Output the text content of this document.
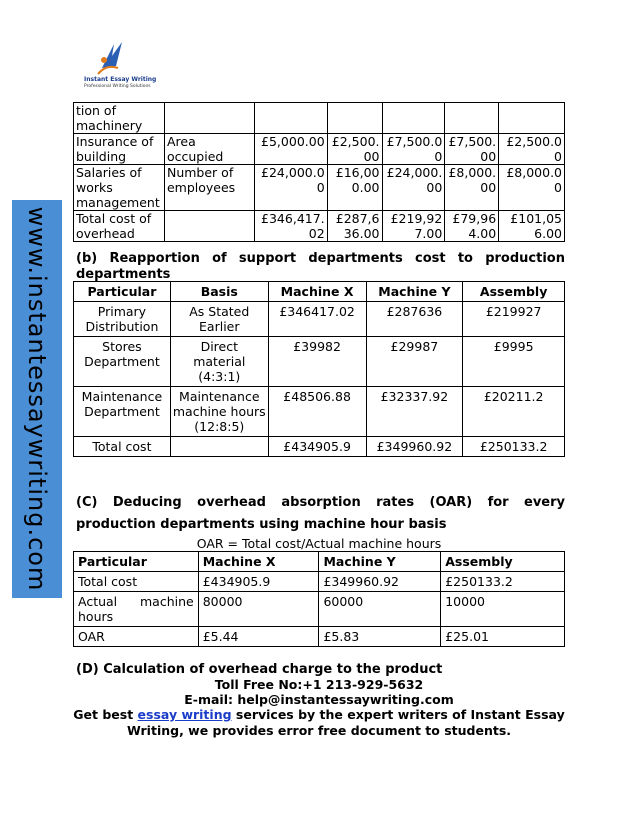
Instant Essay Writing
Professional Writing Solutions
www.instantessaywriting.com
tion of machinery						
Insurance of building	Area occupied	£5,000.00	£2,500.00	£7,500.00	£7,500.00	£2,500.00
Salaries of works management	Number of employees	£24,000.00	£16,000.00	£24,000.00	£8,000.00	£8,000.00
Total cost of overhead		£346,417.02	£287,636.00	£219,927.00	£79,964.00	£101,056.00
(b) Reapportion of support departments cost to production departments
Particular	Basis	Machine X	Machine Y	Assembly
Primary Distribution	As Stated Earlier	£346417.02	£287636	£219927
Stores Department	Direct material (4:3:1)	£39982	£29987	£9995
Maintenance Department	Maintenance machine hours (12:8:5)	£48506.88	£32337.92	£20211.2
Total cost		£434905.9	£349960.92	£250133.2
(C) Deducing overhead absorption rates (OAR) for every production departments using machine hour basis
OAR = Total cost/Actual machine hours
Particular	Machine X	Machine Y	Assembly
Total cost	£434905.9	£349960.92	£250133.2
Actual machine hours	80000	60000	10000
OAR	£5.44	£5.83	£25.01
(D) Calculation of overhead charge to the product
Toll Free No:+1 213-929-5632
E-mail: help@instantessaywriting.com
Get best essay writing services by the expert writers of Instant Essay Writing, we provides error free document to students.
